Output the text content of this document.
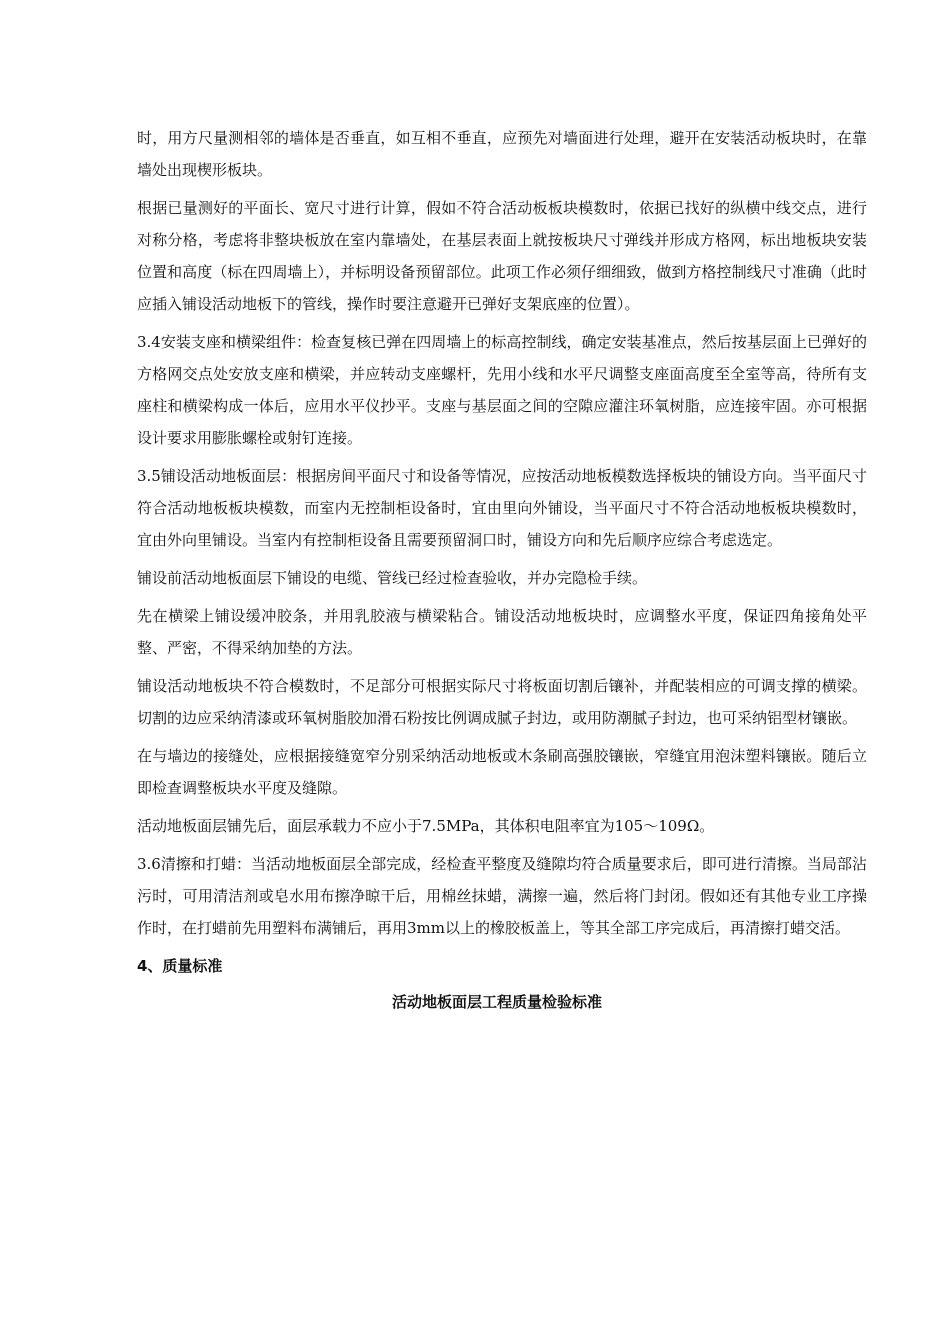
时，用方尺量测相邻的墙体是否垂直，如互相不垂直，应预先对墙面进行处理，避开在安装活动板块时，在靠墙处出现楔形板块。

根据已量测好的平面长、宽尺寸进行计算，假如不符合活动板板块模数时，依据已找好的纵横中线交点，进行对称分格，考虑将非整块板放在室内靠墙处，在基层表面上就按板块尺寸弹线并形成方格网，标出地板块安装位置和高度（标在四周墙上），并标明设备预留部位。此项工作必须仔细细致，做到方格控制线尺寸准确（此时应插入铺设活动地板下的管线，操作时要注意避开已弹好支架底座的位置）。

3.4安装支座和横梁组件：检查复核已弹在四周墙上的标高控制线，确定安装基准点，然后按基层面上已弹好的方格网交点处安放支座和横梁，并应转动支座螺杆，先用小线和水平尺调整支座面高度至全室等高，待所有支座柱和横梁构成一体后，应用水平仪抄平。支座与基层面之间的空隙应灌注环氧树脂，应连接牢固。亦可根据设计要求用膨胀螺栓或射钉连接。

3.5铺设活动地板面层：根据房间平面尺寸和设备等情况，应按活动地板模数选择板块的铺设方向。当平面尺寸符合活动地板板块模数，而室内无控制柜设备时，宜由里向外铺设，当平面尺寸不符合活动地板板块模数时，宜由外向里铺设。当室内有控制柜设备且需要预留洞口时，铺设方向和先后顺序应综合考虑选定。

铺设前活动地板面层下铺设的电缆、管线已经过检查验收，并办完隐检手续。

先在横梁上铺设缓冲胶条，并用乳胶液与横梁粘合。铺设活动地板块时，应调整水平度，保证四角接角处平整、严密，不得采纳加垫的方法。

铺设活动地板块不符合模数时，不足部分可根据实际尺寸将板面切割后镶补，并配装相应的可调支撑的横梁。切割的边应采纳清漆或环氧树脂胶加滑石粉按比例调成腻子封边，或用防潮腻子封边，也可采纳铝型材镶嵌。

在与墙边的接缝处，应根据接缝宽窄分别采纳活动地板或木条刷高强胶镶嵌，窄缝宜用泡沫塑料镶嵌。随后立即检查调整板块水平度及缝隙。

活动地板面层铺先后，面层承载力不应小于7.5MPa，其体积电阻率宜为105～109Ω。

3.6清擦和打蜡：当活动地板面层全部完成，经检查平整度及缝隙均符合质量要求后，即可进行清擦。当局部沾污时，可用清洁剂或皂水用布擦净晾干后，用棉丝抹蜡，满擦一遍，然后将门封闭。假如还有其他专业工序操作时，在打蜡前先用塑料布满铺后，再用3mm以上的橡胶板盖上，等其全部工序完成后，再清擦打蜡交活。

4、质量标准
活动地板面层工程质量检验标准
